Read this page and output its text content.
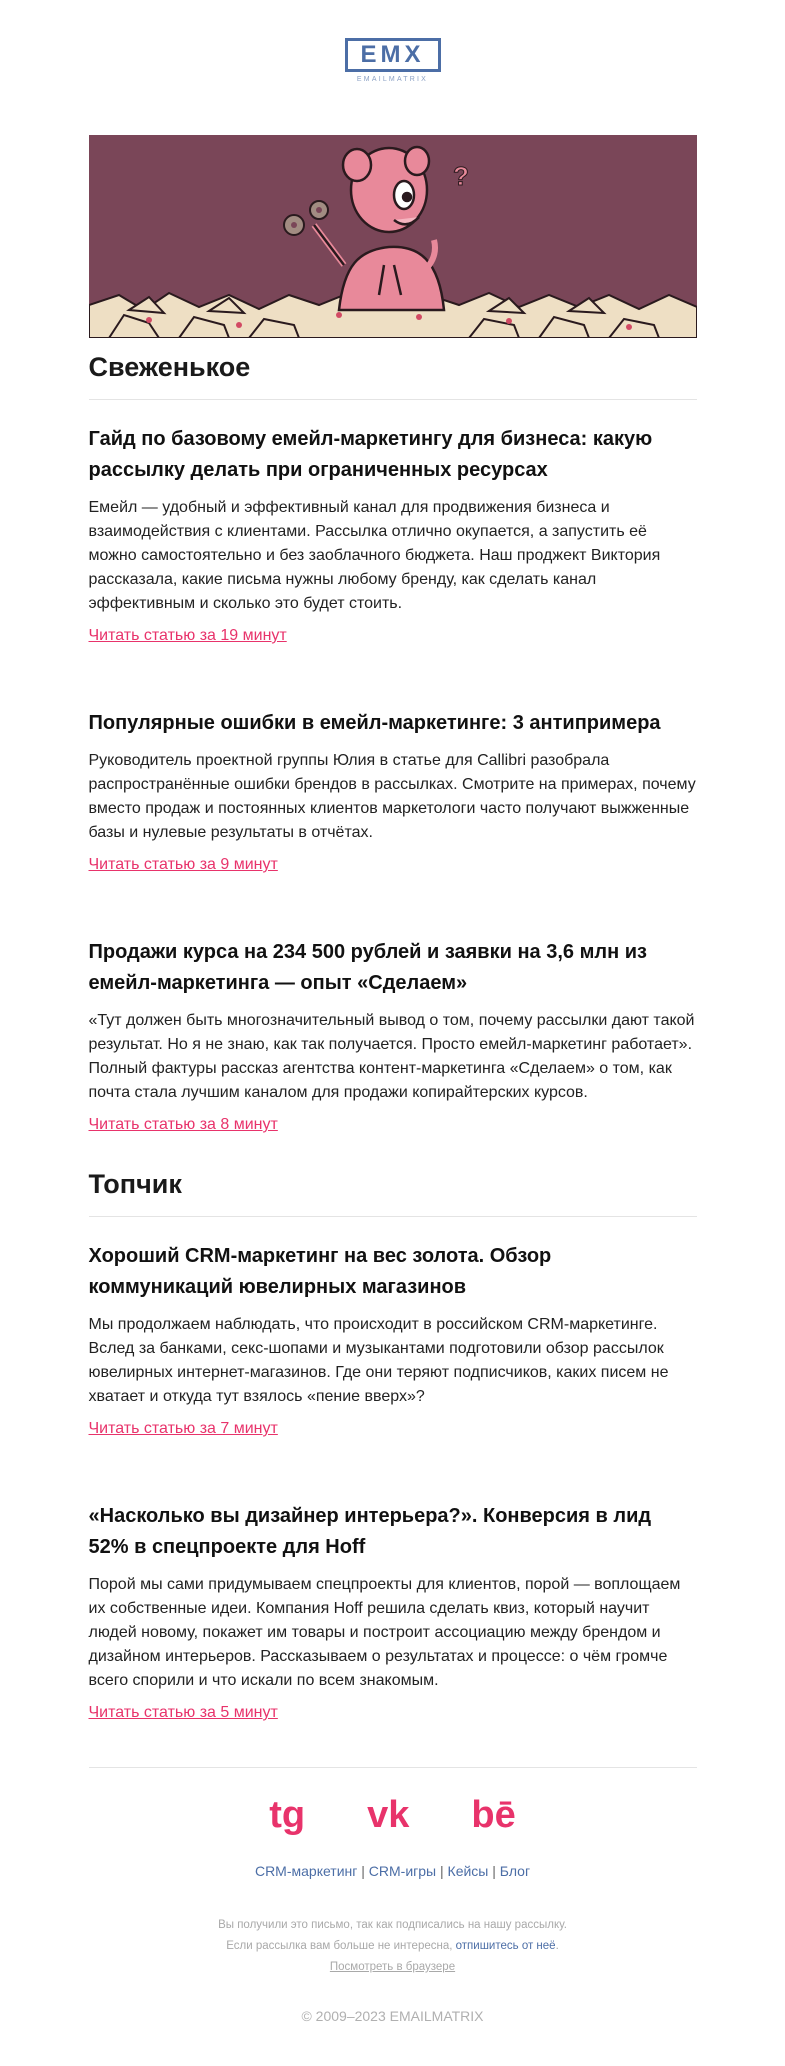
EMX
EMAILMATRIX
?
Свеженькое
Гайд по базовому емейл-маркетингу для бизнеса: какую рассылку делать при ограниченных ресурсах

Емейл — удобный и эффективный канал для продвижения бизнеса и взаимодействия с клиентами. Рассылка отлично окупается, а запустить её можно самостоятельно и без заоблачного бюджета. Наш проджект Виктория рассказала, какие письма нужны любому бренду, как сделать канал эффективным и сколько это будет стоить.

Читать статью за 19 минут
Популярные ошибки в емейл-маркетинге: 3 антипримера

Руководитель проектной группы Юлия в статье для Callibri разобрала распространённые ошибки брендов в рассылках. Смотрите на примерах, почему вместо продаж и постоянных клиентов маркетологи часто получают выжженные базы и нулевые результаты в отчётах.

Читать статью за 9 минут
Продажи курса на 234 500 рублей и заявки на 3,6 млн из емейл-маркетинга — опыт «Сделаем»

«Тут должен быть многозначительный вывод о том, почему рассылки дают такой результат. Но я не знаю, как так получается. Просто емейл-маркетинг работает». Полный фактуры рассказ агентства контент-маркетинга «Сделаем» о том, как почта стала лучшим каналом для продажи копирайтерских курсов.

Читать статью за 8 минут
Топчик
Хороший CRM-маркетинг на вес золота. Обзор коммуникаций ювелирных магазинов

Мы продолжаем наблюдать, что происходит в российском CRM-маркетинге. Вслед за банками, секс-шопами и музыкантами подготовили обзор рассылок ювелирных интернет-магазинов. Где они теряют подписчиков, каких писем не хватает и откуда тут взялось «пение вверх»?

Читать статью за 7 минут
«Насколько вы дизайнер интерьера?». Конверсия в лид 52% в спецпроекте для Hoff

Порой мы сами придумываем спецпроекты для клиентов, порой — воплощаем их собственные идеи. Компания Hoff решила сделать квиз, который научит людей новому, покажет им товары и построит ассоциацию между брендом и дизайном интерьеров. Рассказываем о результатах и процессе: о чём громче всего спорили и что искали по всем знакомым.

Читать статью за 5 минут
tg vk bē
CRM-маркетинг | CRM-игры | Кейсы | Блог
Вы получили это письмо, так как подписались на нашу рассылку.
Если рассылка вам больше не интересна, отпишитесь от неё.
Посмотреть в браузере
© 2009–2023 EMAILMATRIX
